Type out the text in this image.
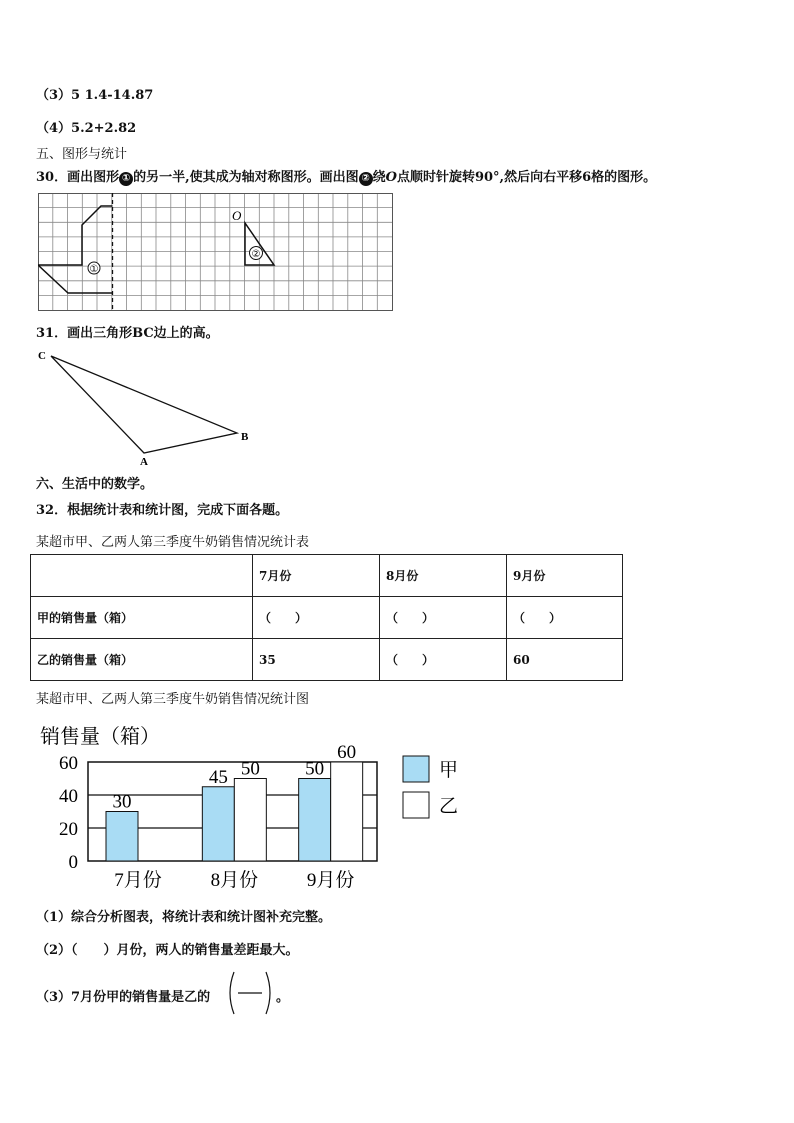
（3）5 1.4-14.87
（4）5.2+2.82
五、图形与统计
30．画出图形 ① 的另一半,使其成为轴对称图形。画出图 ② 绕O点顺时针旋转90°,然后向右平移6格的图形。
①
②
O
31．画出三角形BC边上的高。
C
A
B
六、生活中的数学。
32．根据统计表和统计图，完成下面各题。
某超市甲、乙两人第三季度牛奶销售情况统计表
	7月份	8月份	9月份
甲的销售量（箱）	（　　）	（　　）	（　　）
乙的销售量（箱）	35	（　　）	60
某超市甲、乙两人第三季度牛奶销售情况统计图
销售量（箱）
0
20
40
60
30
7月份
45 50
8月份
50
60
9月份
甲
乙
（1）综合分析图表，将统计表和统计图补充完整。
（2）（　　）月份，两人的销售量差距最大。
（3）7月份甲的销售量是乙的	。
